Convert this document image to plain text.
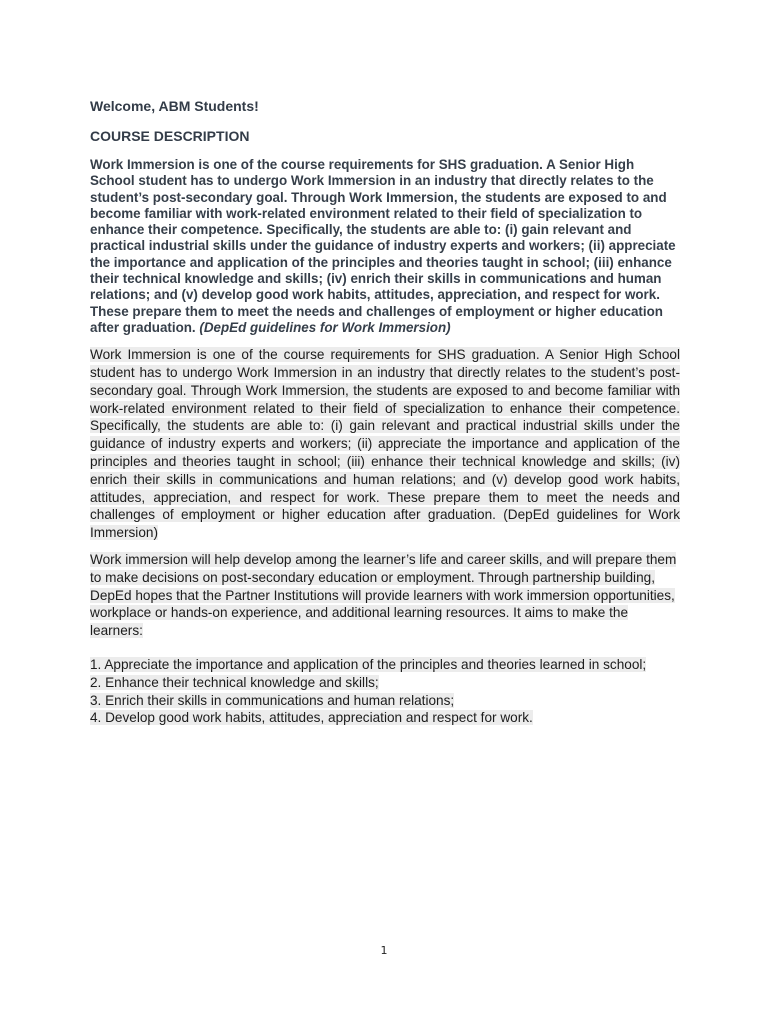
Welcome, ABM Students!

COURSE DESCRIPTION

Work Immersion is one of the course requirements for SHS graduation. A Senior High School student has to undergo Work Immersion in an industry that directly relates to the student’s post-secondary goal. Through Work Immersion, the students are exposed to and become familiar with work-related environment related to their field of specialization to enhance their competence. Specifically, the students are able to: (i) gain relevant and practical industrial skills under the guidance of industry experts and workers; (ii) appreciate the importance and application of the principles and theories taught in school; (iii) enhance their technical knowledge and skills; (iv) enrich their skills in communications and human relations; and (v) develop good work habits, attitudes, appreciation, and respect for work. These prepare them to meet the needs and challenges of employment or higher education after graduation. (DepEd guidelines for Work Immersion)

Work Immersion is one of the course requirements for SHS graduation. A Senior High School student has to undergo Work Immersion in an industry that directly relates to the student’s post-secondary goal. Through Work Immersion, the students are exposed to and become familiar with work-related environment related to their field of specialization to enhance their competence. Specifically, the students are able to: (i) gain relevant and practical industrial skills under the guidance of industry experts and workers; (ii) appreciate the importance and application of the principles and theories taught in school; (iii) enhance their technical knowledge and skills; (iv) enrich their skills in communications and human relations; and (v) develop good work habits, attitudes, appreciation, and respect for work. These prepare them to meet the needs and challenges of employment or higher education after graduation. (DepEd guidelines for Work Immersion)

Work immersion will help develop among the learner’s life and career skills, and will prepare them to make decisions on post-secondary education or employment. Through partnership building, DepEd hopes that the Partner Institutions will provide learners with work immersion opportunities, workplace or hands-on experience, and additional learning resources. It aims to make the learners:

1. Appreciate the importance and application of the principles and theories learned in school;
2. Enhance their technical knowledge and skills;
3. Enrich their skills in communications and human relations;
4. Develop good work habits, attitudes, appreciation and respect for work.
1
